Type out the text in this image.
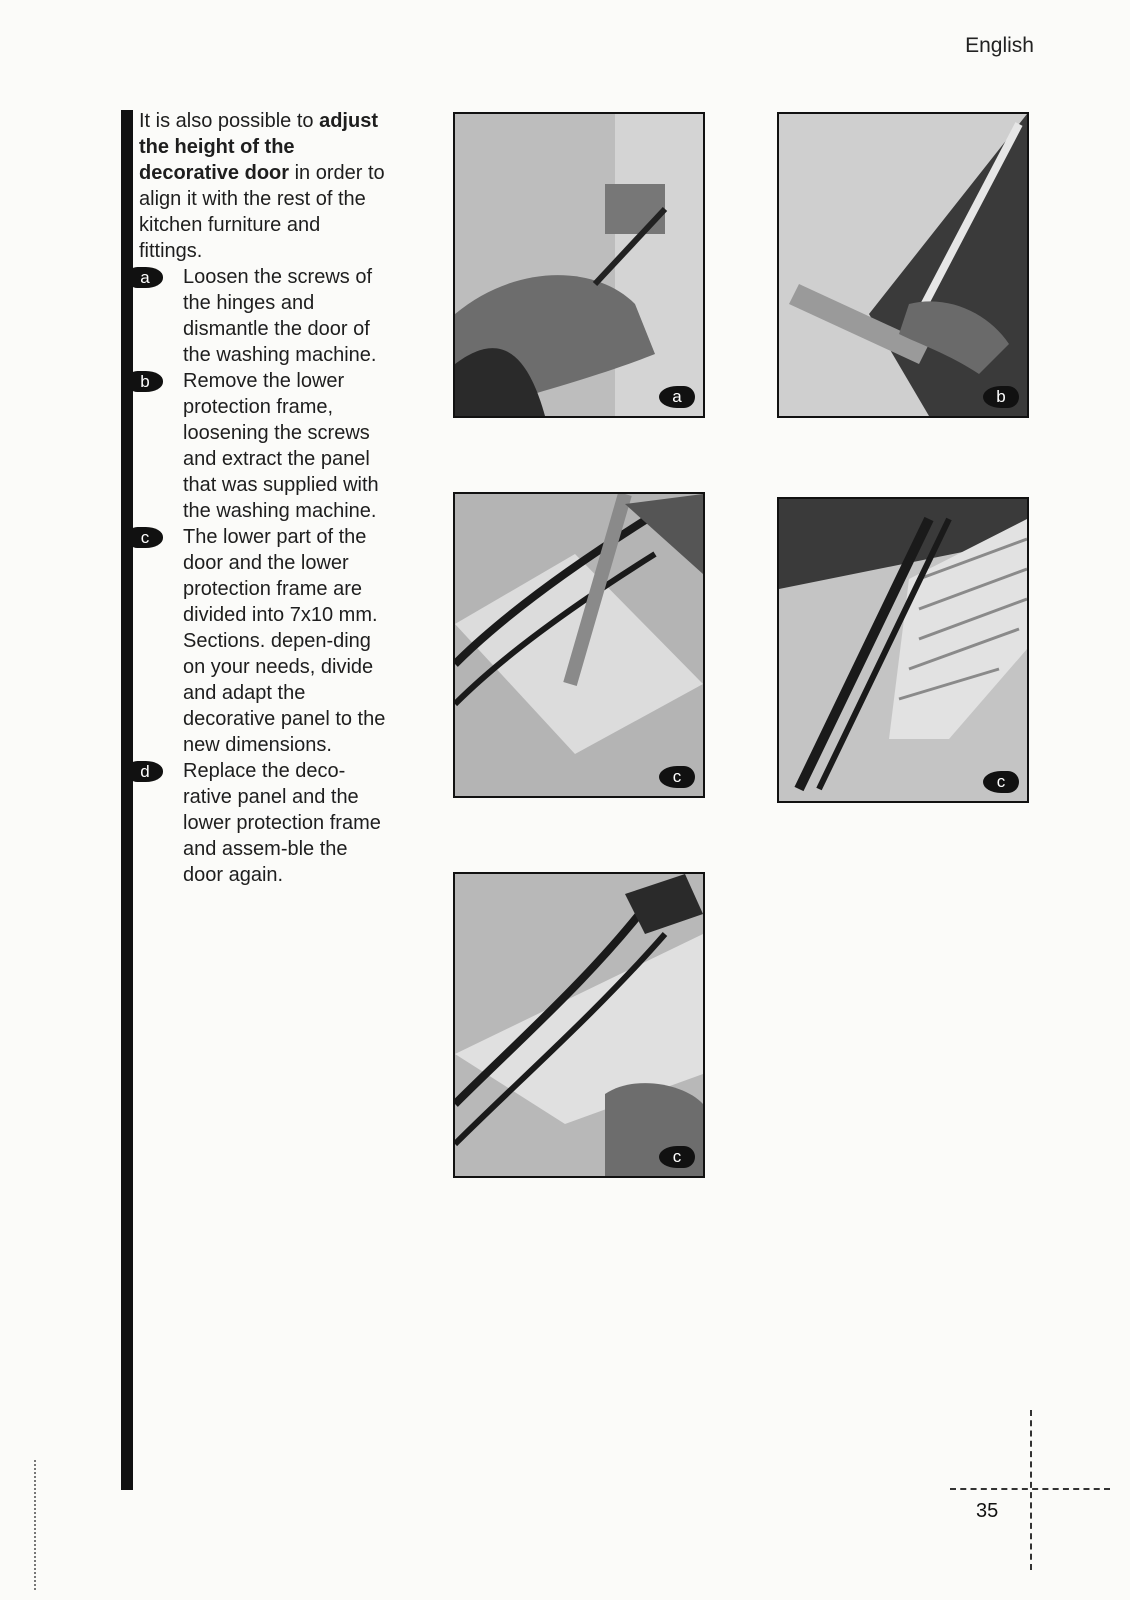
English

It is also possible to adjust the height of the decorative door in order to align it with the rest of the kitchen furniture and fittings.

a	Loosen the screws of the hinges and dismantle the door of the washing machine.

b	Remove the lower protection frame, loosening the screws and extract the panel that was supplied with the washing machine.

c	The lower part of the door and the lower protection frame are divided into 7x10 mm. Sections. depen-ding on your needs, divide and adapt the decorative panel to the new dimensions.

d	Replace the deco-rative panel and the lower protection frame and assem-ble the door again.

a	b
c	c
c
35
